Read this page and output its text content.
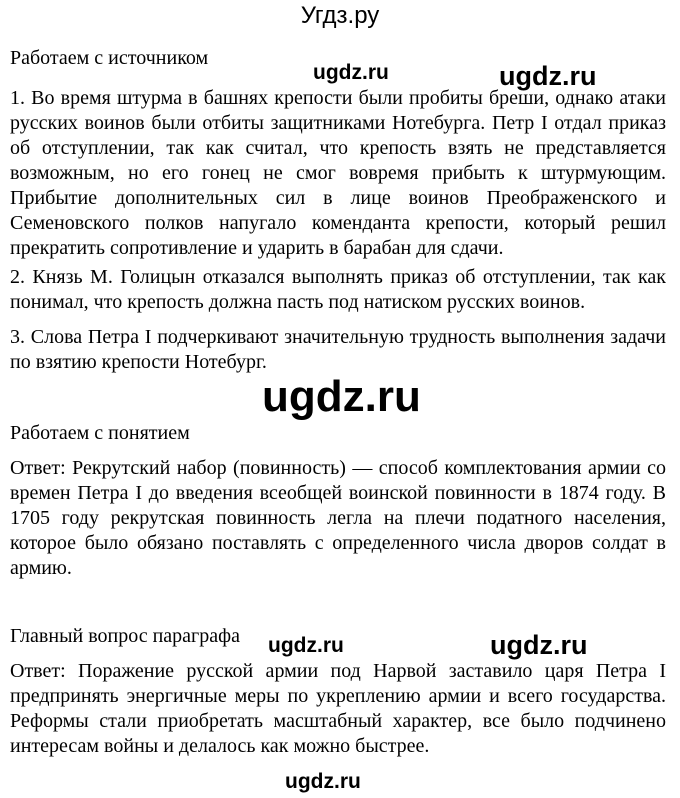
Угдз.ру
Работаем с источником
1. Во время штурма в башнях крепости были пробиты бреши, однако атаки
русских воинов были отбиты защитниками Нотебурга. Петр I отдал приказ
об отступлении, так как считал, что крепость взять не представляется
возможным, но его гонец не смог вовремя прибыть к штурмующим.
Прибытие дополнительных сил в лице воинов Преображенского и
Семеновского полков напугало коменданта крепости, который решил
прекратить сопротивление и ударить в барабан для сдачи.
2. Князь М. Голицын отказался выполнять приказ об отступлении, так как
понимал, что крепость должна пасть под натиском русских воинов.
3. Слова Петра I подчеркивают значительную трудность выполнения задачи
по взятию крепости Нотебург.
Работаем с понятием
Ответ: Рекрутский набор (повинность) — способ комплектования армии со
времен Петра I до введения всеобщей воинской повинности в 1874 году. В
1705 году рекрутская повинность легла на плечи податного населения,
которое было обязано поставлять с определенного числа дворов солдат в
армию.
Главный вопрос параграфа
Ответ: Поражение русской армии под Нарвой заставило царя Петра I
предпринять энергичные меры по укреплению армии и всего государства.
Реформы стали приобретать масштабный характер, все было подчинено
интересам войны и делалось как можно быстрее.
ugdz.ru	ugdz.ru
ugdz.ru
ugdz.ru	ugdz.ru
ugdz.ru
